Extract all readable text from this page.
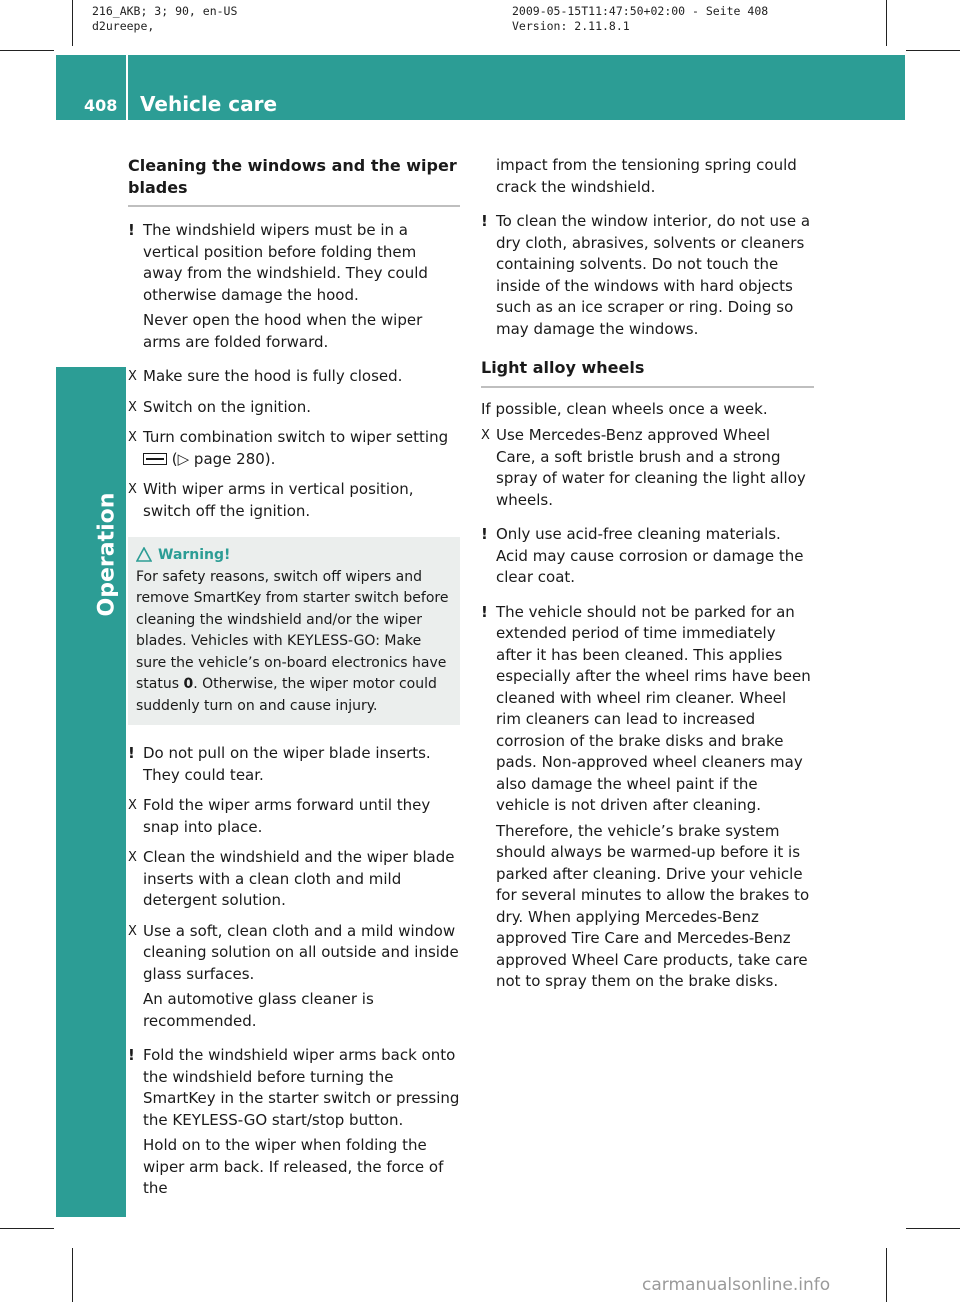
216_AKB; 3; 90, en-US
d2ureepe,
2009-05-15T11:47:50+02:00 - Seite 408
Version: 2.11.8.1
408 Vehicle care
Operation
Cleaning the windows and the wiper blades
! The windshield wipers must be in a vertical position before folding them away from the windshield. They could otherwise damage the hood.

Never open the hood when the wiper arms are folded forward.

X Make sure the hood is fully closed.

X Switch on the ignition.

X Turn combination switch to wiper setting
(▷ page 280).

X With wiper arms in vertical position, switch off the ignition.

Warning!

For safety reasons, switch off wipers and remove SmartKey from starter switch before cleaning the windshield and/or the wiper blades. Vehicles with KEYLESS-GO: Make sure the vehicle’s on-board electronics have status 0. Otherwise, the wiper motor could suddenly turn on and cause injury.

! Do not pull on the wiper blade inserts. They could tear.

X Fold the wiper arms forward until they snap into place.

X Clean the windshield and the wiper blade inserts with a clean cloth and mild detergent solution.

X Use a soft, clean cloth and a mild window cleaning solution on all outside and inside glass surfaces.

An automotive glass cleaner is recommended.

! Fold the windshield wiper arms back onto the windshield before turning the SmartKey in the starter switch or pressing the KEYLESS-GO start/stop button.

Hold on to the wiper when folding the wiper arm back. If released, the force of the

impact from the tensioning spring could crack the windshield.

! To clean the window interior, do not use a dry cloth, abrasives, solvents or cleaners containing solvents. Do not touch the inside of the windows with hard objects such as an ice scraper or ring. Doing so may damage the windows.

Light alloy wheels

If possible, clean wheels once a week.

X Use Mercedes-Benz approved Wheel Care, a soft bristle brush and a strong spray of water for cleaning the light alloy wheels.

! Only use acid-free cleaning materials. Acid may cause corrosion or damage the clear coat.

! The vehicle should not be parked for an extended period of time immediately after it has been cleaned. This applies especially after the wheel rims have been cleaned with wheel rim cleaner. Wheel rim cleaners can lead to increased corrosion of the brake disks and brake pads. Non-approved wheel cleaners may also damage the wheel paint if the vehicle is not driven after cleaning.

Therefore, the vehicle’s brake system should always be warmed-up before it is parked after cleaning. Drive your vehicle for several minutes to allow the brakes to dry. When applying Mercedes-Benz approved Tire Care and Mercedes-Benz approved Wheel Care products, take care not to spray them on the brake disks.

carmanualsonline.info
